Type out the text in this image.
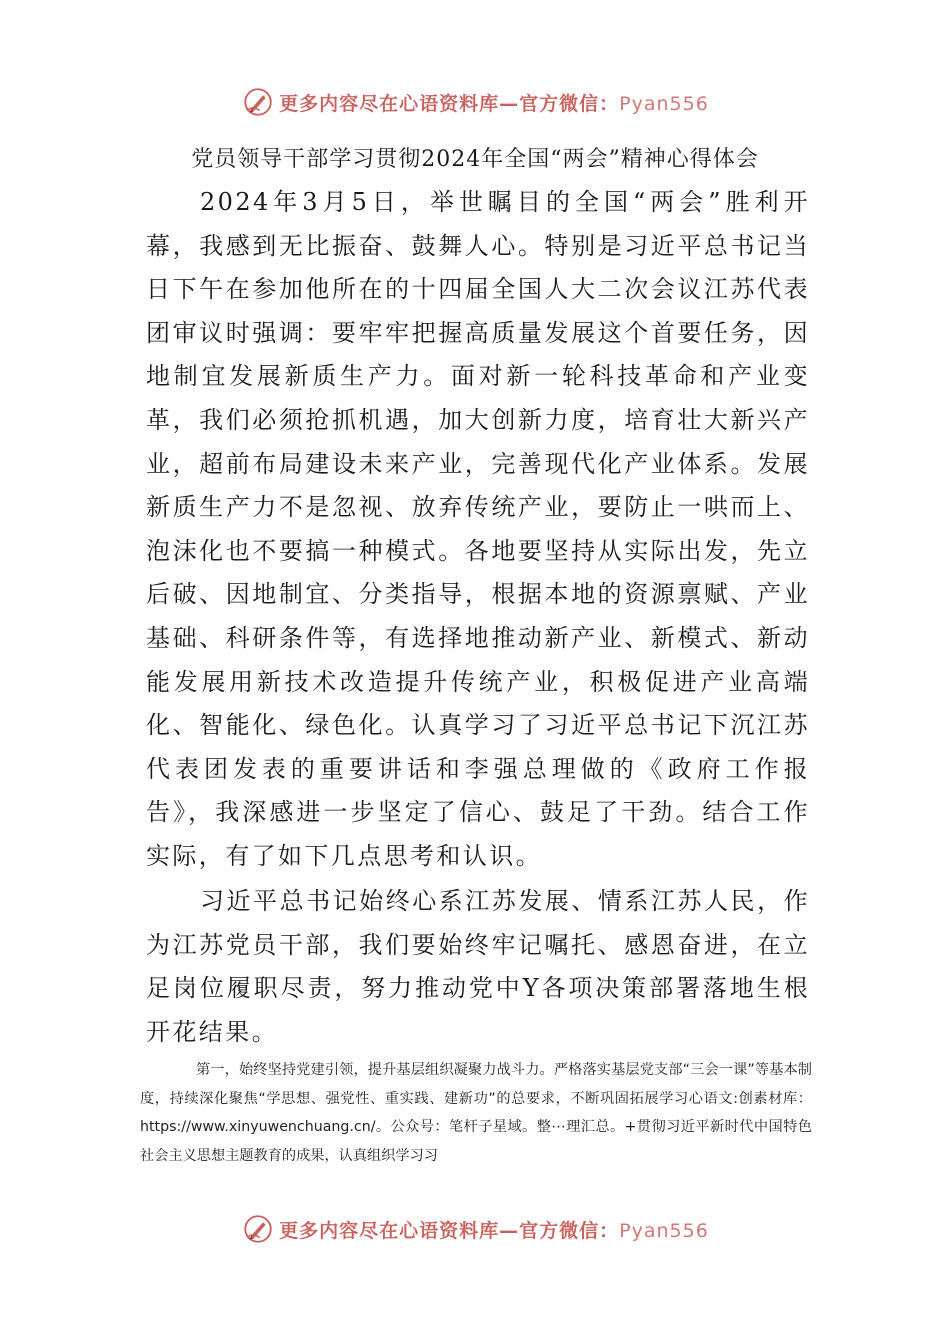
更多内容尽在心语资料库—官方微信：Pyan556
党员领导干部学习贯彻2024年全国“两会”精神心得体会

2024年3月5日，举世瞩目的全国“两会”胜利开幕，我感到无比振奋、鼓舞人心。特别是习近平总书记当日下午在参加他所在的十四届全国人大二次会议江苏代表团审议时强调：要牢牢把握高质量发展这个首要任务，因地制宜发展新质生产力。面对新一轮科技革命和产业变革，我们必须抢抓机遇，加大创新力度，培育壮大新兴产业，超前布局建设未来产业，完善现代化产业体系。发展新质生产力不是忽视、放弃传统产业，要防止一哄而上、泡沫化也不要搞一种模式。各地要坚持从实际出发，先立后破、因地制宜、分类指导，根据本地的资源禀赋、产业基础、科研条件等，有选择地推动新产业、新模式、新动能发展用新技术改造提升传统产业，积极促进产业高端化、智能化、绿色化。认真学习了习近平总书记下沉江苏代表团发表的重要讲话和李强总理做的《政府工作报告》，我深感进一步坚定了信心、鼓足了干劲。结合工作实际，有了如下几点思考和认识。

习近平总书记始终心系江苏发展、情系江苏人民，作为江苏党员干部，我们要始终牢记嘱托、感恩奋进，在立足岗位履职尽责，努力推动党中Y各项决策部署落地生根开花结果。

第一，始终坚持党建引领，提升基层组织凝聚力战斗力。严格落实基层党支部“三会一课”等基本制度，持续深化聚焦“学思想、强党性、重实践、建新功”的总要求，不断巩固拓展学习心语文:创素材库：https://www.xinyuwenchuang.cn/。公众号：笔杆子星域。整⋯理汇总。+贯彻习近平新时代中国特色社会主义思想主题教育的成果，认真组织学习习

更多内容尽在心语资料库—官方微信：Pyan556
